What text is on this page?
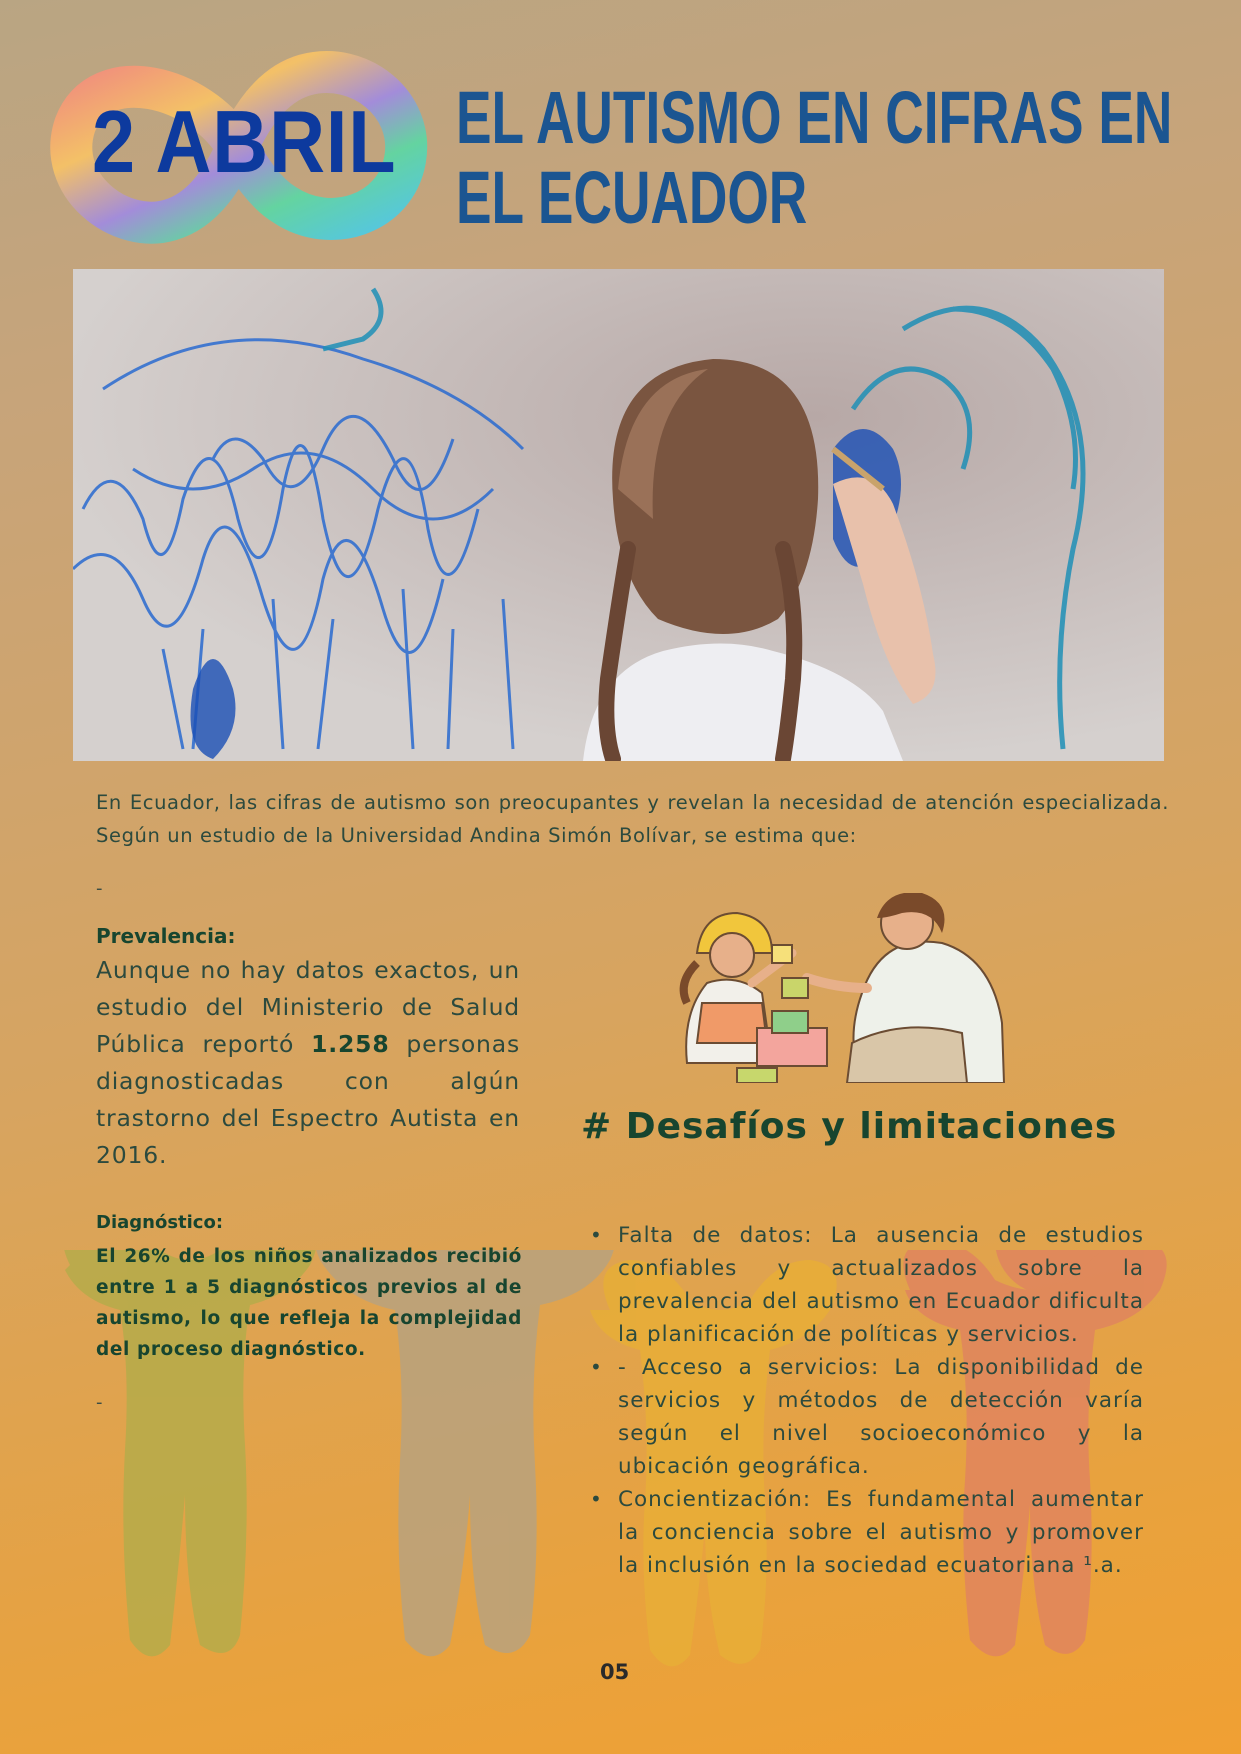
2 ABRIL EL AUTISMO EN CIFRAS EN EL ECUADOR
En Ecuador, las cifras de autismo son preocupantes y revelan la necesidad de atención especializada. Según un estudio de la Universidad Andina Simón Bolívar, se estima que:
-
Prevalencia:
Aunque no hay datos exactos, un estudio del Ministerio de Salud Pública reportó 1.258 personas diagnosticadas con algún trastorno del Espectro Autista en 2016.
Diagnóstico:
El 26% de los niños analizados recibió entre 1 a 5 diagnósticos previos al de autismo, lo que refleja la complejidad del proceso diagnóstico.
-
# Desafíos y limitaciones
• Falta de datos: La ausencia de estudios confiables y actualizados sobre la prevalencia del autismo en Ecuador dificulta la planificación de políticas y servicios.
• - Acceso a servicios: La disponibilidad de servicios y métodos de detección varía según el nivel socioeconómico y la ubicación geográfica.
• Concientización: Es fundamental aumentar la conciencia sobre el autismo y promover la inclusión en la sociedad ecuatoriana ¹.a.
05
